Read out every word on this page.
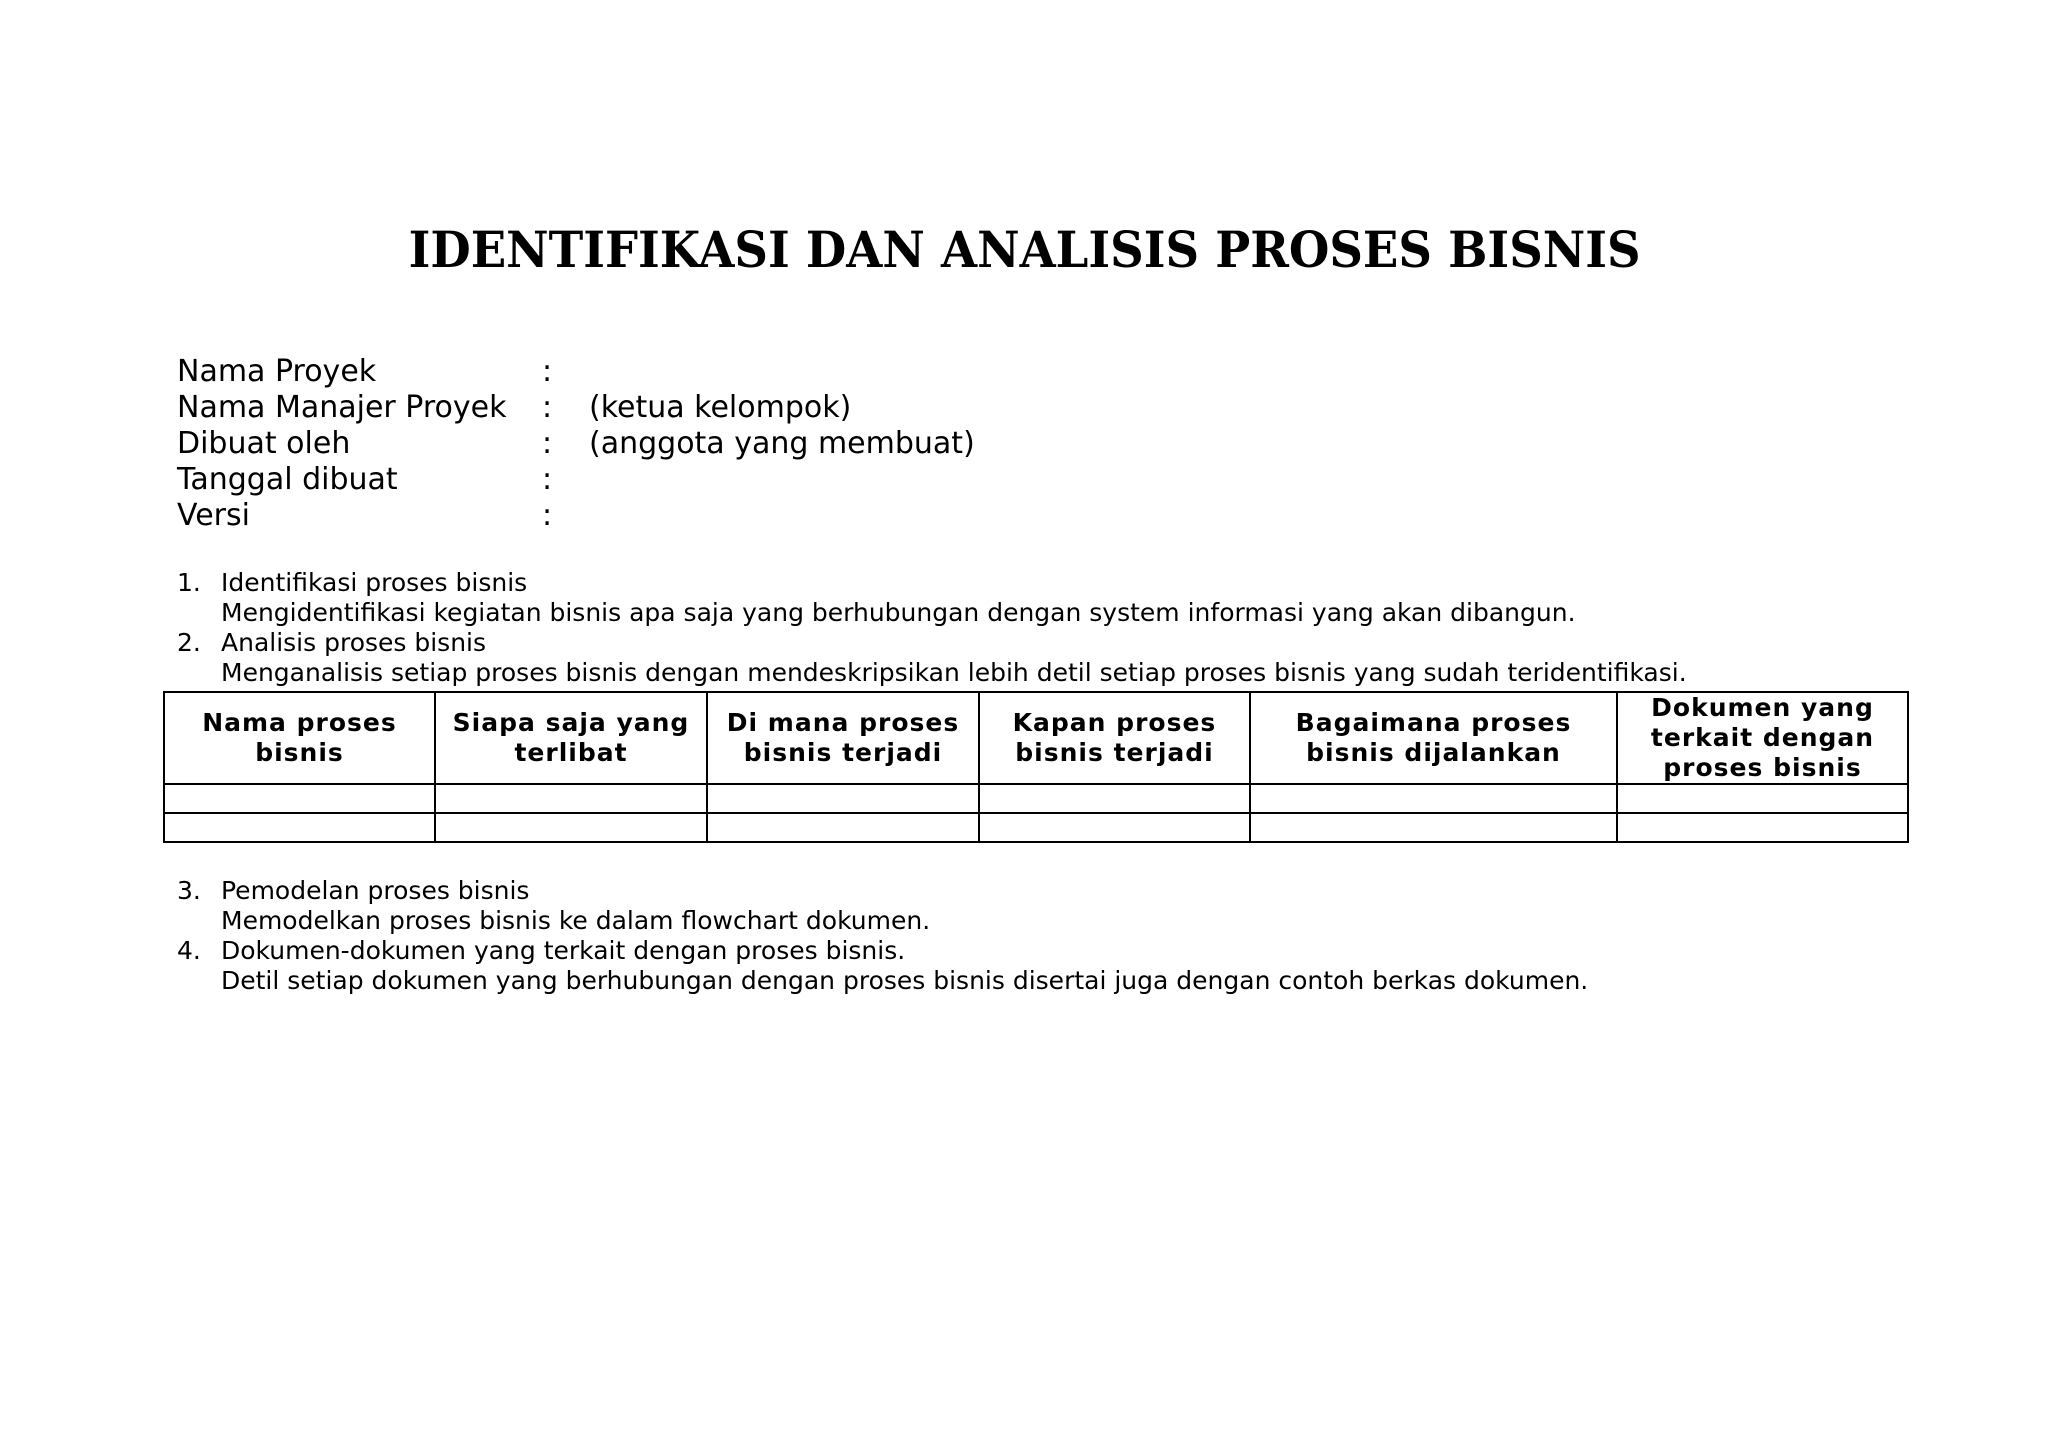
IDENTIFIKASI DAN ANALISIS PROSES BISNIS
Nama Proyek	:
Nama Manajer Proyek : (ketua kelompok)
Dibuat oleh	: (anggota yang membuat)
Tanggal dibuat	:
Versi	:
1. Identifikasi proses bisnis
Mengidentifikasi kegiatan bisnis apa saja yang berhubungan dengan system informasi yang akan dibangun.
2. Analisis proses bisnis
Menganalisis setiap proses bisnis dengan mendeskripsikan lebih detil setiap proses bisnis yang sudah teridentifikasi.
Nama proses bisnis	Siapa saja yang terlibat	Di mana proses bisnis terjadi	Kapan proses bisnis terjadi	Bagaimana proses bisnis dijalankan	Dokumen yang terkait dengan proses bisnis

3. Pemodelan proses bisnis
Memodelkan proses bisnis ke dalam flowchart dokumen.
4. Dokumen-dokumen yang terkait dengan proses bisnis.
Detil setiap dokumen yang berhubungan dengan proses bisnis disertai juga dengan contoh berkas dokumen.
